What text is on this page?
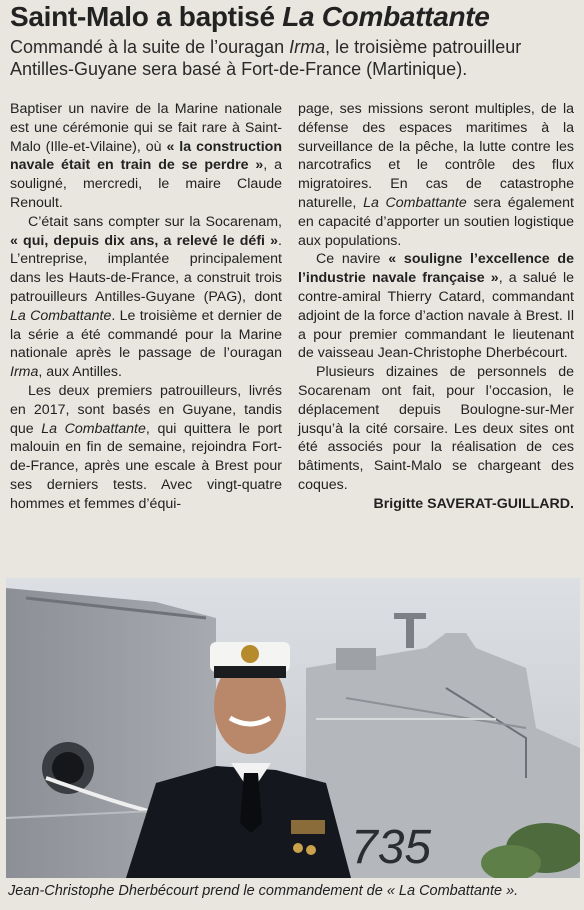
Saint-Malo a baptisé La Combattante
Commandé à la suite de l’ouragan Irma, le troisième patrouilleur Antilles-Guyane sera basé à Fort-de-France (Martinique).

Baptiser un navire de la Marine nationale est une cérémonie qui se fait rare à Saint-Malo (Ille-et-Vilaine), où « la construction navale était en train de se perdre », a souligné, mercredi, le maire Claude Renoult.

C’était sans compter sur la Socarenam, « qui, depuis dix ans, a relevé le défi ». L’entreprise, implantée principalement dans les Hauts-de-France, a construit trois patrouilleurs Antilles-Guyane (PAG), dont La Combattante. Le troisième et dernier de la série a été commandé pour la Marine nationale après le passage de l’ouragan Irma, aux Antilles.

Les deux premiers patrouilleurs, livrés en 2017, sont basés en Guyane, tandis que La Combattante, qui quittera le port malouin en fin de semaine, rejoindra Fort-de-France, après une escale à Brest pour ses derniers tests. Avec vingt-quatre hommes et femmes d’équi-

page, ses missions seront multiples, de la défense des espaces maritimes à la surveillance de la pêche, la lutte contre les narcotrafics et le contrôle des flux migratoires. En cas de catastrophe naturelle, La Combattante sera également en capacité d’apporter un soutien logistique aux populations.

Ce navire « souligne l’excellence de l’industrie navale française », a salué le contre-amiral Thierry Catard, commandant adjoint de la force d’action navale à Brest. Il a pour premier commandant le lieutenant de vaisseau Jean-Christophe Dherbécourt.

Plusieurs dizaines de personnels de Socarenam ont fait, pour l’occasion, le déplacement depuis Boulogne-sur-Mer jusqu’à la cité corsaire. Les deux sites ont été associés pour la réalisation de ces bâtiments, Saint-Malo se chargeant des coques.

Brigitte SAVERAT-GUILLARD.
735
Jean-Christophe Dherbécourt prend le commandement de « La Combattante ».
